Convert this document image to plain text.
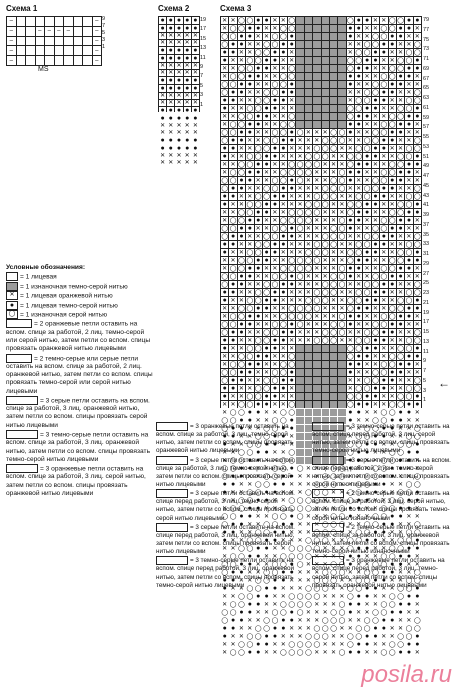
Схема 1
–
–
–
–
–
–
–
–
–
–
–
–
–
–
9
7
5
3
1
MS
Схема 2
●
●
●
●
●
●
●
●
●
●
✕
✕
✕
✕
✕
✕
✕
✕
✕
✕
●
●
●
●
●
●
●
●
●
●
✕
✕
✕
✕
✕
✕
✕
✕
✕
✕
●
●
●
●
●
●
●
●
●
●
✕
✕
✕
✕
✕
✕
✕
✕
✕
✕
●
●
●
●
●
●
●
●
●
●
✕
✕
✕
✕
✕
✕
✕
✕
✕
✕
●
●
●
●
●
●
●
●
●
●
✕
✕
✕
✕
✕
✕
✕
✕
✕
✕
19
17
15
13
11
9
7
5
3
1
Схема 3
✕
✕
◯
◯
●
●
✕
✕
◯
◯
●
●
✕
✕
◯
◯
●
●
✕
◯
◯
●
●
✕
✕
◯
◯
●
●
✕
✕
◯
◯
●
●
✕
◯
◯
●
●
✕
✕
◯
◯
●
●
✕
✕
◯
◯
●
●
✕
✕
◯
●
●
✕
✕
◯
◯
●
●
✕
✕
◯
◯
●
●
✕
✕
◯
●
●
✕
✕
◯
◯
●
●
✕
✕
◯
◯
●
●
✕
✕
◯
◯
●
✕
✕
◯
◯
●
●
✕
✕
◯
◯
●
●
✕
✕
◯
◯
●
✕
✕
◯
◯
●
●
✕
✕
◯
◯
●
●
✕
✕
◯
◯
●
●
✕
◯
◯
●
●
✕
✕
◯
◯
●
●
✕
✕
◯
◯
●
●
✕
◯
◯
●
●
✕
✕
◯
◯
●
●
✕
✕
◯
◯
●
●
✕
✕
◯
●
●
✕
✕
◯
◯
●
●
✕
✕
◯
◯
●
●
✕
✕
◯
●
●
✕
✕
◯
◯
●
●
✕
✕
◯
◯
●
●
✕
✕
◯
◯
●
✕
✕
◯
◯
●
●
✕
✕
◯
◯
●
●
✕
✕
◯
◯
●
✕
✕
◯
◯
●
●
✕
✕
◯
◯
●
●
✕
✕
◯
◯
●
●
✕
◯
◯
●
●
✕
✕
◯
◯
●
●
✕
✕
◯
◯
●
●
✕
◯
◯
●
●
✕
✕
◯
◯
●
◯
✕
✕
✕
◯
◯
●
✕
✕
◯
◯
●
●
✕
✕
◯
●
●
✕
✕
◯
◯
●
●
✕
✕
✕
◯
◯
◯
✕
✕
◯
◯
●
●
✕
✕
◯
●
●
✕
✕
◯
◯
●
●
✕
✕
✕
◯
◯
◯
✕
✕
◯
◯
●
●
✕
✕
◯
◯
●
✕
✕
◯
◯
●
●
✕
✕
✕
◯
◯
◯
✕
✕
◯
◯
●
●
✕
✕
◯
◯
●
✕
✕
◯
◯
●
●
✕
✕
◯
◯
◯
◯
✕
✕
✕
◯
●
●
✕
✕
◯
◯
●
●
✕
◯
◯
●
●
✕
✕
◯
◯
◯
◯
✕
✕
✕
◯
●
●
✕
✕
◯
◯
●
●
✕
◯
◯
●
●
✕
✕
◯
◯
●
◯
✕
✕
✕
◯
◯
●
✕
✕
◯
◯
●
●
✕
✕
◯
●
●
✕
✕
◯
◯
●
●
✕
✕
✕
◯
◯
◯
✕
✕
◯
◯
●
●
✕
✕
◯
●
●
✕
✕
◯
◯
●
●
✕
✕
✕
◯
◯
◯
✕
✕
◯
◯
●
●
✕
✕
◯
◯
●
✕
✕
◯
◯
●
●
✕
✕
✕
◯
◯
◯
✕
✕
◯
◯
●
●
✕
✕
◯
◯
●
✕
✕
◯
◯
●
●
✕
✕
◯
◯
◯
◯
✕
✕
✕
◯
●
●
✕
✕
◯
◯
●
●
✕
◯
◯
●
●
✕
✕
◯
◯
◯
◯
✕
✕
✕
◯
●
●
✕
✕
◯
◯
●
●
✕
◯
◯
●
●
✕
✕
◯
◯
●
◯
✕
✕
✕
◯
◯
●
✕
✕
◯
◯
●
●
✕
✕
◯
●
●
✕
✕
◯
◯
●
●
✕
✕
✕
◯
◯
◯
✕
✕
◯
◯
●
●
✕
✕
◯
●
●
✕
✕
◯
◯
●
●
✕
✕
✕
◯
◯
◯
✕
✕
◯
◯
●
●
✕
✕
◯
◯
●
✕
✕
◯
◯
●
●
✕
✕
✕
◯
◯
◯
✕
✕
◯
◯
●
●
✕
✕
◯
◯
●
✕
✕
◯
◯
●
●
✕
✕
◯
◯
◯
◯
✕
✕
✕
◯
●
●
✕
✕
◯
◯
●
●
✕
◯
◯
●
●
✕
✕
◯
◯
◯
◯
✕
✕
✕
◯
●
●
✕
✕
◯
◯
●
●
✕
◯
◯
●
●
✕
✕
◯
◯
●
◯
✕
✕
✕
◯
◯
●
✕
✕
◯
◯
●
●
✕
✕
◯
●
●
✕
✕
◯
◯
●
●
✕
✕
✕
◯
◯
◯
✕
✕
◯
◯
●
●
✕
✕
◯
●
●
✕
✕
◯
◯
●
●
✕
✕
✕
◯
◯
◯
✕
✕
◯
◯
●
●
✕
✕
◯
◯
●
✕
✕
◯
◯
●
●
✕
✕
✕
◯
◯
◯
✕
✕
◯
◯
●
●
✕
✕
◯
◯
●
✕
✕
◯
◯
●
●
✕
✕
◯
◯
◯
◯
✕
✕
✕
◯
●
●
✕
✕
◯
◯
●
●
✕
◯
◯
●
●
✕
✕
◯
◯
◯
◯
✕
✕
✕
◯
●
●
✕
✕
◯
◯
●
●
✕
◯
◯
●
●
✕
✕
◯
◯
●
◯
✕
✕
✕
◯
◯
●
✕
✕
◯
◯
●
●
✕
✕
◯
●
●
✕
✕
◯
◯
●
●
✕
✕
✕
◯
◯
◯
✕
✕
◯
◯
●
●
✕
✕
◯
●
●
✕
✕
◯
◯
●
●
✕
✕
✕
◯
◯
◯
✕
✕
◯
◯
●
●
✕
✕
◯
◯
●
✕
✕
◯
◯
●
●
✕
✕
◯
◯
●
●
✕
✕
◯
◯
●
✕
✕
◯
◯
●
●
✕
✕
◯
◯
●
●
✕
✕
◯
◯
●
●
✕
◯
◯
●
●
✕
✕
◯
◯
●
●
✕
✕
◯
◯
●
●
✕
◯
◯
●
●
✕
✕
◯
◯
●
●
✕
✕
◯
◯
●
●
✕
✕
◯
●
●
✕
✕
◯
◯
●
●
✕
✕
◯
◯
●
●
✕
✕
◯
●
●
✕
✕
◯
◯
●
●
✕
✕
◯
◯
●
●
✕
✕
◯
◯
●
✕
✕
◯
◯
●
●
✕
✕
◯
◯
●
●
✕
✕
◯
◯
●
✕
✕
◯
◯
●
●
✕
✕
◯
◯
●
●
✕
✕
◯
◯
●
●
✕
◯
◯
●
●
✕
✕
◯
◯
●
●
✕
✕
◯
◯
●
●
✕
◯
◯
●
●
✕
✕
◯
◯
●
●
✕
✕
◯
◯
●
●
✕
✕
◯
●
●
✕
✕
◯
◯
●
●
✕
✕
◯
◯
●
●
✕
✕
◯
●
●
✕
✕
◯
◯
●
●
✕
✕
◯
◯
●
●
✕
✕
◯
◯
●
✕
✕
◯
◯
●
●
✕
✕
◯
◯
●
●
✕
✕
◯
◯
●
✕
✕
◯
◯
●
●
✕
✕
◯
◯
●
●
✕
✕
◯
◯
●
●
✕
◯
◯
●
●
✕
✕
◯
◯
●
●
✕
✕
◯
◯
●
●
✕
◯
◯
●
●
✕
✕
◯
◯
●
◯
✕
✕
✕
◯
◯
●
✕
✕
◯
◯
●
●
✕
✕
◯
●
●
✕
✕
◯
◯
●
●
✕
✕
✕
◯
◯
◯
✕
✕
◯
◯
●
●
✕
✕
◯
●
●
✕
✕
◯
◯
●
●
✕
✕
✕
◯
◯
◯
✕
✕
◯
◯
●
●
✕
✕
◯
◯
●
✕
✕
◯
◯
●
●
✕
✕
✕
◯
◯
◯
✕
✕
◯
◯
●
●
✕
✕
◯
◯
●
✕
✕
◯
◯
●
●
✕
✕
◯
◯
◯
◯
✕
✕
✕
◯
●
●
✕
✕
◯
◯
●
●
✕
◯
◯
●
●
✕
✕
◯
◯
◯
◯
✕
✕
✕
◯
●
●
✕
✕
◯
◯
●
●
✕
◯
◯
●
●
✕
✕
◯
◯
●
◯
✕
✕
✕
◯
◯
●
✕
✕
◯
◯
●
●
✕
✕
◯
●
●
✕
✕
◯
◯
●
●
✕
✕
✕
◯
◯
◯
✕
✕
◯
◯
●
●
✕
✕
◯
●
●
✕
✕
◯
◯
●
●
✕
✕
✕
◯
◯
◯
✕
✕
◯
◯
●
●
✕
✕
◯
◯
●
✕
✕
◯
◯
●
●
✕
✕
✕
◯
◯
◯
✕
✕
◯
◯
●
●
✕
✕
◯
◯
●
✕
✕
◯
◯
●
●
✕
✕
◯
◯
◯
◯
✕
✕
✕
◯
●
●
✕
✕
◯
◯
●
●
✕
◯
◯
●
●
✕
✕
◯
◯
◯
◯
✕
✕
✕
◯
●
●
✕
✕
◯
◯
●
●
✕
◯
◯
●
●
✕
✕
◯
◯
●
◯
✕
✕
✕
◯
◯
●
✕
✕
◯
◯
●
●
✕
✕
◯
●
●
✕
✕
◯
◯
●
●
✕
✕
✕
◯
◯
◯
✕
✕
◯
◯
●
●
✕
✕
◯
●
●
✕
✕
◯
◯
●
●
✕
✕
✕
◯
◯
◯
✕
✕
◯
◯
●
●
✕
✕
◯
◯
●
✕
✕
◯
◯
●
●
✕
✕
✕
◯
◯
◯
✕
✕
◯
◯
●
●
✕
✕
◯
◯
●
✕
✕
◯
◯
●
●
✕
✕
◯
◯
◯
◯
✕
✕
✕
◯
●
●
✕
✕
◯
◯
●
●
✕
◯
◯
●
●
✕
✕
◯
◯
◯
◯
✕
✕
✕
◯
●
●
✕
✕
◯
◯
●
●
✕
◯
◯
●
●
✕
✕
◯
◯
●
◯
✕
✕
✕
◯
◯
●
✕
✕
◯
◯
●
●
✕
✕
◯
●
●
✕
✕
◯
◯
●
●
✕
✕
✕
◯
◯
◯
✕
✕
◯
◯
●
●
✕
✕
◯
●
●
✕
✕
◯
◯
●
●
✕
✕
✕
◯
◯
◯
✕
✕
◯
◯
●
●
✕
✕
◯
◯
●
✕
✕
◯
◯
●
●
✕
✕
✕
◯
◯
◯
✕
✕
◯
◯
●
●
✕
✕
◯
◯
●
✕
✕
◯
◯
●
●
✕
✕
◯
◯
◯
◯
✕
✕
✕
◯
●
●
✕
✕
◯
◯
●
●
✕
◯
◯
●
●
✕
✕
◯
◯
◯
◯
✕
✕
✕
◯
●
●
✕
✕
◯
◯
●
●
✕
79
77
75
73
71
69
67
65
63
61
59
57
55
53
51
49
47
45
43
41
39
37
35
33
31
29
27
25
23
21
19
17
15
13
11
9
7
5
3
1
←
Условные обозначения:
= 1 лицевая
= 1 изнаночная темно-серой нитью
✕ = 1 лицевая оранжевой нитью
● = 1 лицевая темно-серой нитью
◯ = 1 изнаночная серой нитью
= 2 оранжевые петли оставить на вспом. спице за работой, 2 лиц. темно-серой или серой нитью, затем петли со вспом. спицы провязать оранжевой нитью лицевыми
= 2 темно-серые или серые петли оставить на вспом. спице за работой, 2 лиц. оранжевой нитью, затем петли со вспом. спицы провязать темно-серой или серой нитью лицевыми
= 3 серые петли оставить на вспом. спице за работой, 3 лиц. оранжевой нитью, затем петли со вспом. спицы провязать серой нитью лицевыми
= 3 темно-серые петли оставить на вспом. спице за работой, 3 лиц. оранжевой нитью, затем петли со вспом. спицы провязать темно-серой нитью лицевыми
= 3 оранжевые петли оставить на вспом. спице за работой, 3 лиц. серой нитью, затем петли со вспом. спицы провязать оранжевой нитью лицевыми
= 3 оранжевые петли оставить на вспом. спице за работой, 3 лиц. темно-серой нитью, затем петли со вспом. спицы провязать оранжевой нитью лицевыми
= 3 серые петли оставить на вспом. спице за работой, 3 лиц. темно-серой нитью, затем петли со вспом. спицы провязать серой нитью лицевыми
= 3 серые петли оставить на вспом. спице перед работой, 3 лиц. темно-серой нитью, затем петли со вспом. спицы провязать серой нитью лицевыми
= 3 серые петли оставить на вспом. спице перед работой, 3 лиц. оранжевой нитью, затем петли со вспом. спицы провязать серой нитью лицевыми
= 3 темно-серые петли оставить на вспом. спице перед работой, 3 лиц. оранжевой нитью, затем петли со вспом. спицы провязать темно-серой нитью лицевыми
= 3 темно-серые петли оставить на вспом. спице перед работой, 3 лиц. серой нитью, затем петли со вспом. спицы провязать темно-серой нитью лицевыми
= 3 серые петли оставить на вспом. спице перед работой, 2 изн. темно-серой нитью, затем петли со вспом. спицы провязать серой нитью лицевыми
= 2 темно-серые петли оставить на вспом. спице за работой, 3 лиц. серой нитью, затем петли со вспом. спицы провязать темно-серой нитью изнаночными
= 2 темно-серые петли оставить на вспом. спице за работой, 3 лиц. оранжевой нитью, затем петли со вспом. спицы провязать темно-серой нитью изнаночными
= 3 оранжевые петли оставить на вспом. спице перед работой, 3 лиц. темно-серой нитью, затем петли со вспом. спицы провязать оранжевой нитью лицевыми
posila.ru
